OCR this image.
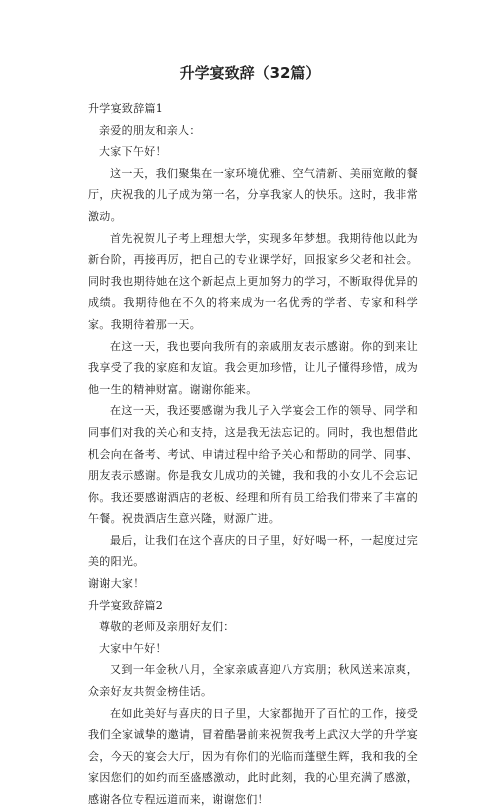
升学宴致辞（32篇）

升学宴致辞篇1

亲爱的朋友和亲人：

大家下午好！

这一天，我们聚集在一家环境优雅、空气清新、美丽宽敞的餐厅，庆祝我的儿子成为第一名，分享我家人的快乐。这时，我非常激动。

首先祝贺儿子考上理想大学，实现多年梦想。我期待他以此为新台阶，再接再厉，把自己的专业课学好，回报家乡父老和社会。同时我也期待她在这个新起点上更加努力的学习，不断取得优异的成绩。我期待他在不久的将来成为一名优秀的学者、专家和科学家。我期待着那一天。

在这一天，我也要向我所有的亲戚朋友表示感谢。你的到来让我享受了我的家庭和友谊。我会更加珍惜，让儿子懂得珍惜，成为他一生的精神财富。谢谢你能来。

在这一天，我还要感谢为我儿子入学宴会工作的领导、同学和同事们对我的关心和支持，这是我无法忘记的。同时，我也想借此机会向在备考、考试、申请过程中给予关心和帮助的同学、同事、朋友表示感谢。你是我女儿成功的关键，我和我的小女儿不会忘记你。我还要感谢酒店的老板、经理和所有员工给我们带来了丰富的午餐。祝贵酒店生意兴隆，财源广进。

最后，让我们在这个喜庆的日子里，好好喝一杯，一起度过完美的阳光。

谢谢大家！

升学宴致辞篇2

尊敬的老师及亲朋好友们：

大家中午好！

又到一年金秋八月，全家亲戚喜迎八方宾朋；秋风送来凉爽，众亲好友共贺金榜佳话。

在如此美好与喜庆的日子里，大家都抛开了百忙的工作，接受我们全家诚挚的邀请，冒着酷暑前来祝贺我考上武汉大学的升学宴会，今天的宴会大厅，因为有你们的光临而蓬壁生辉，我和我的全家因您们的如约而至盛感激动，此时此刻，我的心里充满了感激，感谢各位专程远道而来，谢谢您们！
